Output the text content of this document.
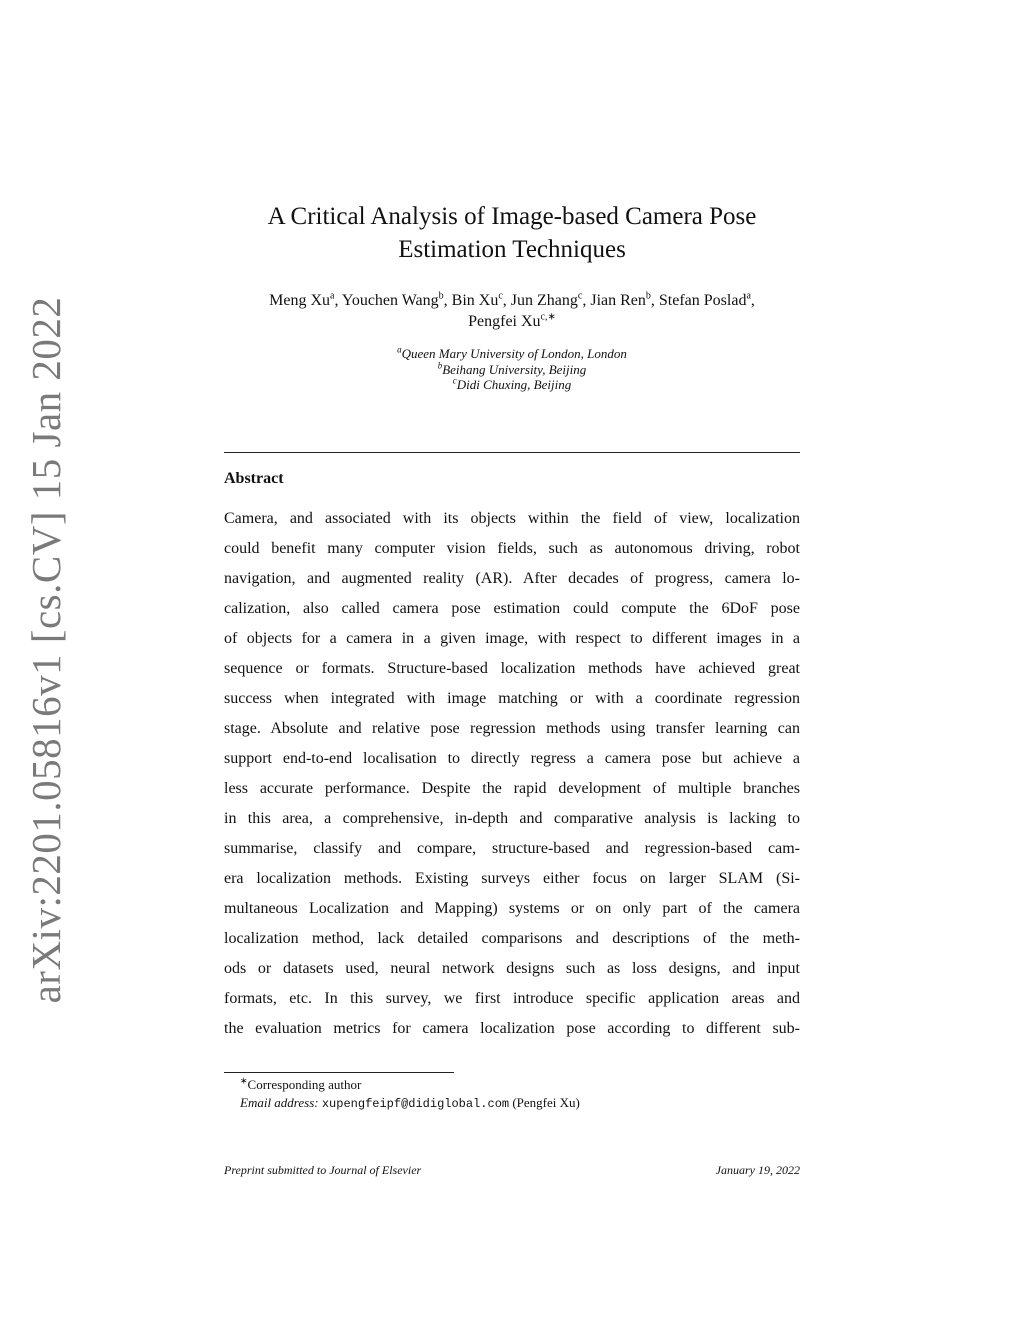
arXiv:2201.05816v1 [cs.CV] 15 Jan 2022
A Critical Analysis of Image-based Camera Pose
Estimation Techniques
Meng Xu$^a$, Youchen Wang$^b$, Bin Xu$^c$, Jun Zhang$^c$, Jian Ren$^b$, Stefan Poslad$^a$,
Pengfei $Xu^{c,∗}$
$^a$Queen Mary University of London, London
$^b$Beihang University, Beijing
$^c$Didi Chuxing, Beijing
Abstract
Camera, and associated with its objects within the field of view, localization
could benefit many computer vision fields, such as autonomous driving, robot
navigation, and augmented reality (AR). After decades of progress, camera lo-
calization, also called camera pose estimation could compute the 6DoF pose
of objects for a camera in a given image, with respect to different images in a
sequence or formats. Structure-based localization methods have achieved great
success when integrated with image matching or with a coordinate regression
stage. Absolute and relative pose regression methods using transfer learning can
support end-to-end localisation to directly regress a camera pose but achieve a
less accurate performance. Despite the rapid development of multiple branches
in this area, a comprehensive, in-depth and comparative analysis is lacking to
summarise, classify and compare, structure-based and regression-based cam-
era localization methods. Existing surveys either focus on larger SLAM (Si-
multaneous Localization and Mapping) systems or on only part of the camera
localization method, lack detailed comparisons and descriptions of the meth-
ods or datasets used, neural network designs such as loss designs, and input
formats, etc. In this survey, we first introduce specific application areas and
the evaluation metrics for camera localization pose according to different sub-
∗Corresponding author
Email address: xupengfeipf@didiglobal.com (Pengfei Xu)
Preprint submitted to Journal of Elsevier	January 19, 2022
